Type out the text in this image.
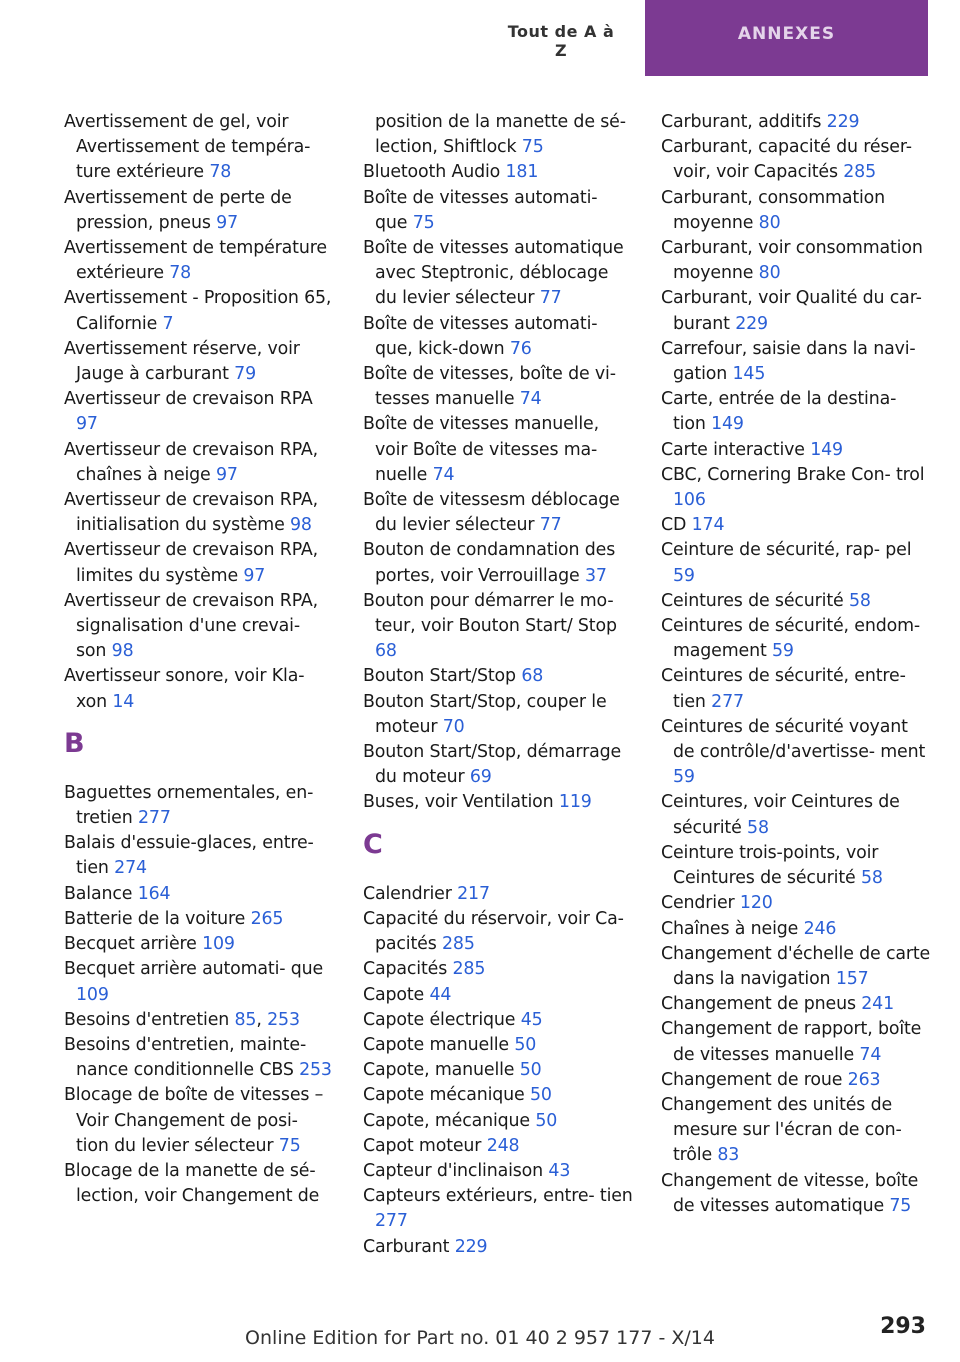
Tout de A à Z
ANNEXES
Avertissement de gel, voir Avertissement de tempéra- ture extérieure 78
Avertissement de perte de pression, pneus 97
Avertissement de température extérieure 78
Avertissement - Proposition 65, Californie 7
Avertissement réserve, voir Jauge à carburant 79
Avertisseur de crevaison RPA 97
Avertisseur de crevaison RPA, chaînes à neige 97
Avertisseur de crevaison RPA, initialisation du système 98
Avertisseur de crevaison RPA, limites du système 97
Avertisseur de crevaison RPA, signalisation d'une crevai- son 98
Avertisseur sonore, voir Kla- xon 14
B
Baguettes ornementales, en- tretien 277
Balais d'essuie-glaces, entre- tien 274
Balance 164
Batterie de la voiture 265
Becquet arrière 109
Becquet arrière automati- que 109
Besoins d'entretien 85, 253
Besoins d'entretien, mainte- nance conditionnelle CBS 253
Blocage de boîte de vitesses – Voir Changement de posi- tion du levier sélecteur 75
Blocage de la manette de sé- lection, voir Changement de
position de la manette de sé- lection, Shiftlock 75
Bluetooth Audio 181
Boîte de vitesses automati- que 75
Boîte de vitesses automatique avec Steptronic, déblocage du levier sélecteur 77
Boîte de vitesses automati- que, kick-down 76
Boîte de vitesses, boîte de vi- tesses manuelle 74
Boîte de vitesses manuelle, voir Boîte de vitesses ma- nuelle 74
Boîte de vitessesm déblocage du levier sélecteur 77
Bouton de condamnation des portes, voir Verrouillage 37
Bouton pour démarrer le mo- teur, voir Bouton Start/ Stop 68
Bouton Start/Stop 68
Bouton Start/Stop, couper le moteur 70
Bouton Start/Stop, démarrage du moteur 69
Buses, voir Ventilation 119
C
Calendrier 217
Capacité du réservoir, voir Ca- pacités 285
Capacités 285
Capote 44
Capote électrique 45
Capote manuelle 50
Capote, manuelle 50
Capote mécanique 50
Capote, mécanique 50
Capot moteur 248
Capteur d'inclinaison 43
Capteurs extérieurs, entre- tien 277
Carburant 229
Carburant, additifs 229
Carburant, capacité du réser- voir, voir Capacités 285
Carburant, consommation moyenne 80
Carburant, voir consommation moyenne 80
Carburant, voir Qualité du car- burant 229
Carrefour, saisie dans la navi- gation 145
Carte, entrée de la destina- tion 149
Carte interactive 149
CBC, Cornering Brake Con- trol 106
CD 174
Ceinture de sécurité, rap- pel 59
Ceintures de sécurité 58
Ceintures de sécurité, endom- magement 59
Ceintures de sécurité, entre- tien 277
Ceintures de sécurité voyant de contrôle/d'avertisse- ment 59
Ceintures, voir Ceintures de sécurité 58
Ceinture trois-points, voir Ceintures de sécurité 58
Cendrier 120
Chaînes à neige 246
Changement d'échelle de carte dans la navigation 157
Changement de pneus 241
Changement de rapport, boîte de vitesses manuelle 74
Changement de roue 263
Changement des unités de mesure sur l'écran de con- trôle 83
Changement de vitesse, boîte de vitesses automatique 75
293
Online Edition for Part no. 01 40 2 957 177 - X/14
